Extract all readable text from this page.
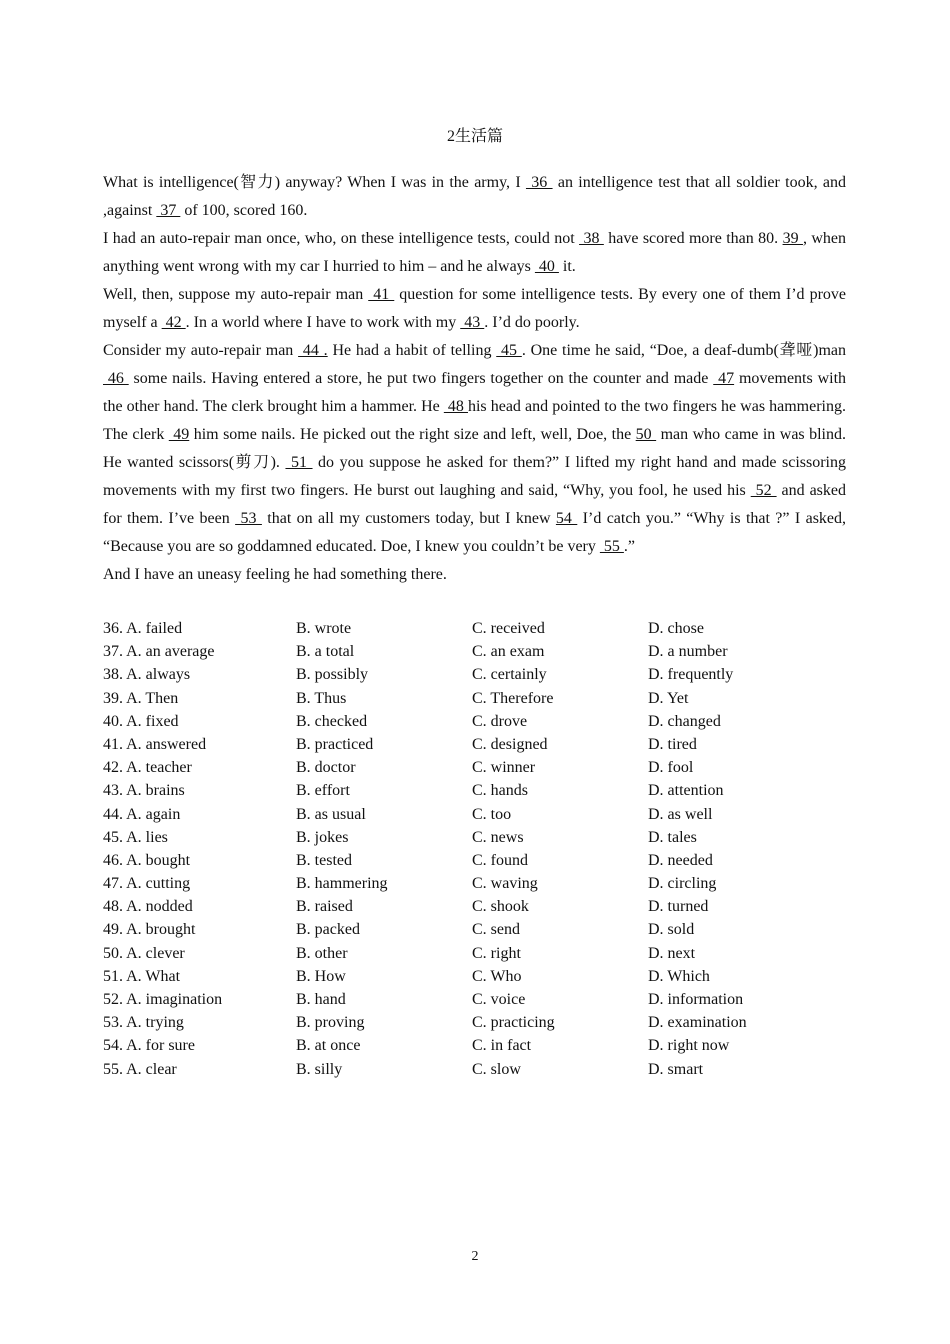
2生活篇

What is intelligence(智力) anyway? When I was in the army, I  36  an intelligence test that all soldier took, and ,against  37  of 100, scored 160.

I had an auto-repair man once, who, on these intelligence tests, could not  38  have scored more than 80. 39 , when anything went wrong with my car I hurried to him – and he always  40  it.

Well, then, suppose my auto-repair man  41  question for some intelligence tests. By every one of them I’d prove myself a  42 . In a world where I have to work with my  43 . I’d do poorly.

Consider my auto-repair man  44 . He had a habit of telling  45 . One time he said, “Doe, a deaf-dumb(聋哑)man  46  some nails. Having entered a store, he put two fingers together on the counter and made  47 movements with the other hand. The clerk brought him a hammer. He  48 his head and pointed to the two fingers he was hammering. The clerk  49 him some nails. He picked out the right size and left, well, Doe, the 50  man who came in was blind. He wanted scissors(剪刀).  51  do you suppose he asked for them?” I lifted my right hand and made scissoring movements with my first two fingers. He burst out laughing and said, “Why, you fool, he used his  52  and asked for them. I’ve been  53  that on all my customers today, but I knew 54  I’d catch you.” “Why is that ?” I asked, “Because you are so goddamned educated. Doe, I knew you couldn’t be very  55 .”

And I have an uneasy feeling he had something there.

36. A. failed	B. wrote	C. received	D. chose
37. A. an average	B. a total	C. an exam	D. a number
38. A. always	B. possibly	C. certainly	D. frequently
39. A. Then	B. Thus	C. Therefore	D. Yet
40. A. fixed	B. checked	C. drove	D. changed
41. A. answered	B. practiced	C. designed	D. tired
42. A. teacher	B. doctor	C. winner	D. fool
43. A. brains	B. effort	C. hands	D. attention
44. A. again	B. as usual	C. too	D. as well
45. A. lies	B. jokes	C. news	D. tales
46. A. bought	B. tested	C. found	D. needed
47. A. cutting	B. hammering	C. waving	D. circling
48. A. nodded	B. raised	C. shook	D. turned
49. A. brought	B. packed	C. send	D. sold
50. A. clever	B. other	C. right	D. next
51. A. What	B. How	C. Who	D. Which
52. A. imagination	B. hand	C. voice	D. information
53. A. trying	B. proving	C. practicing	D. examination
54. A. for sure	B. at once	C. in fact	D. right now
55. A. clear	B. silly	C. slow	D. smart
2
